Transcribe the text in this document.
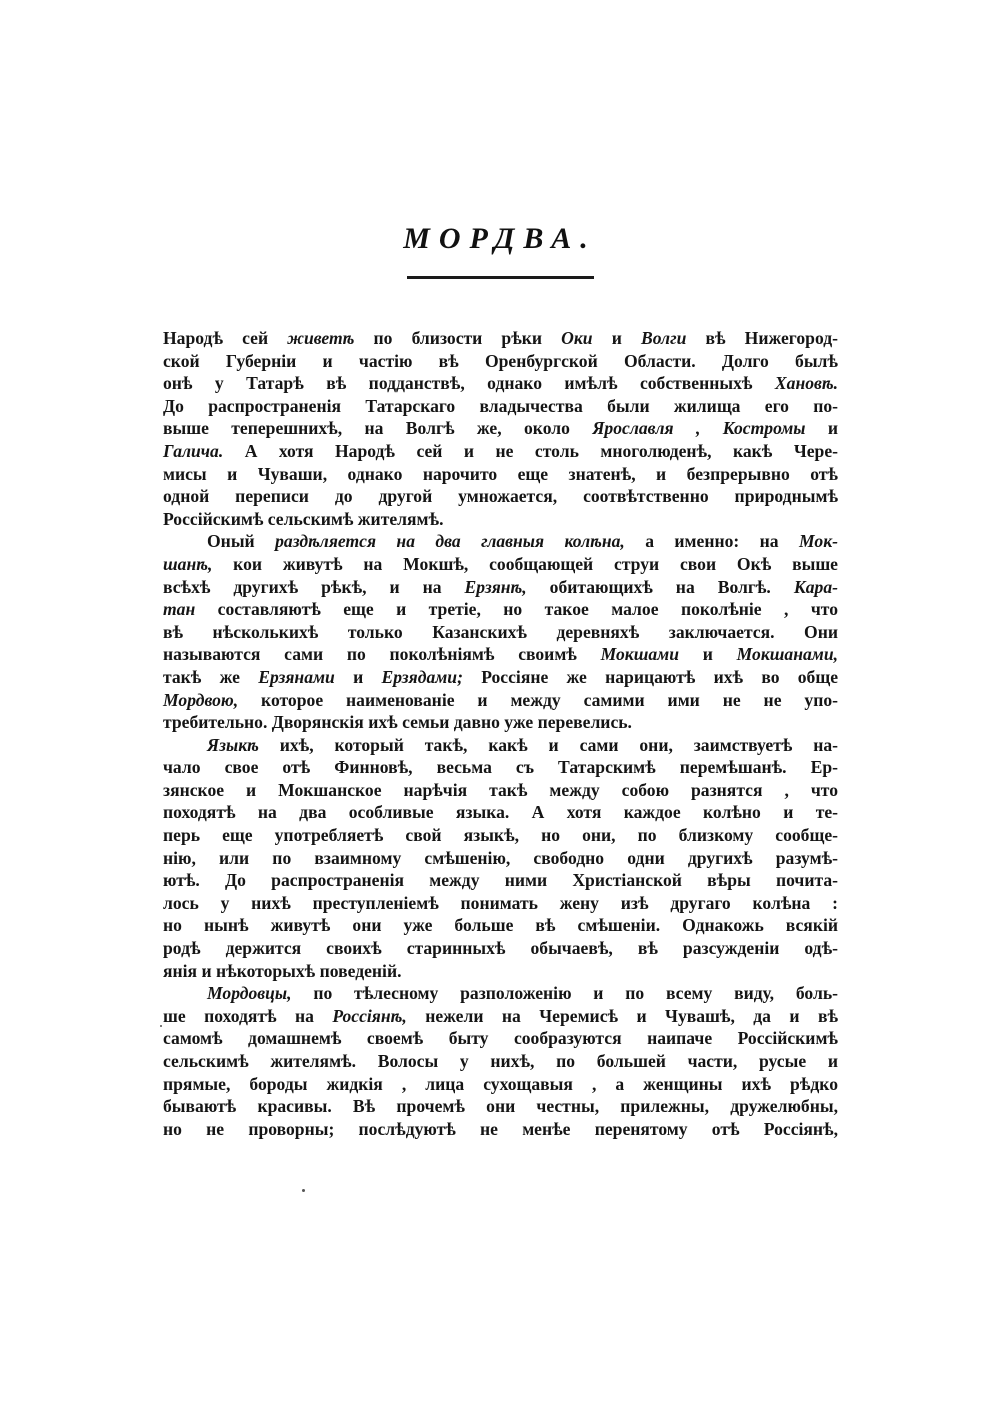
МОРДВА.
Народѣ сей живетѣ по близости рѣки Оки и Волги вѣ Нижегород-
ской Губерніи и частію вѣ Оренбургской Области. Долго былѣ
онѣ у Татарѣ вѣ подданствѣ, однако имѣлѣ собственныхѣ Хановѣ.
До распространенія Татарскаго владычества были жилища его по-
выше теперешнихѣ, на Волгѣ же, около Ярославля , Костромы и
Галича. А хотя Народѣ сей и не столь многолюденѣ, какѣ Чере-
мисы и Чуваши, однако нарочито еще знатенѣ, и безпрерывно отѣ
одной переписи до другой умножается, соотвѣтственно природнымѣ
Россійскимѣ сельскимѣ жителямѣ.
Оный раздѣляется на два главныя колѣна, а именно: на Мок-
шанѣ, кои живутѣ на Мокшѣ, сообщающей струи свои Окѣ выше
всѣхѣ другихѣ рѣкѣ, и на Ерзянѣ, обитающихѣ на Волгѣ. Кара-
тан составляютѣ еще и третіе, но такое малое поколѣніе , что
вѣ нѣсколькихѣ только Казанскихѣ деревняхѣ заключается. Они
называются сами по поколѣніямѣ своимѣ Мокшами и Мокшанами,
такѣ же Ерзянами и Ерзядами; Россіяне же нарицаютѣ ихѣ во обще
Мордвою, которое наименованіе и между самими ими не не упо-
требительно. Дворянскія ихѣ семьи давно уже перевелись.
Языкѣ ихѣ, который такѣ, какѣ и сами они, заимствуетѣ на-
чало свое отѣ Финновѣ, весьма съ Татарскимѣ перемѣшанѣ. Ер-
зянское и Мокшанское нарѣчія такѣ между собою разнятся , что
походятѣ на два особливые языка. А хотя каждое колѣно и те-
перь еще употребляетѣ свой языкѣ, но они, по близкому сообще-
нію, или по взаимному смѣшенію, свободно одни другихѣ разумѣ-
ютѣ. До распространенія между ними Христіанской вѣры почита-
лось у нихѣ преступленіемѣ понимать жену изѣ другаго колѣна :
но нынѣ живутѣ они уже больше вѣ смѣшеніи. Однакожь всякій
родѣ держится своихѣ старинныхѣ обычаевѣ, вѣ разсужденіи одѣ-
янія и нѣкоторыхѣ поведеній.
Мордовцы, по тѣлесному разположенію и по всему виду, боль-
ше походятѣ на Россіянѣ, нежели на Черемисѣ и Чувашѣ, да и вѣ
самомѣ домашнемѣ своемѣ быту сообразуются наипаче Россійскимѣ
сельскимѣ жителямѣ. Волосы у нихѣ, по большей части, русые и
прямые, бороды жидкія , лица сухощавыя , а женщины ихѣ рѣдко
бываютѣ красивы. Вѣ прочемѣ они честны, прилежны, дружелюбны,
но не проворны; послѣдуютѣ не менѣе перенятому отѣ Россіянѣ,
